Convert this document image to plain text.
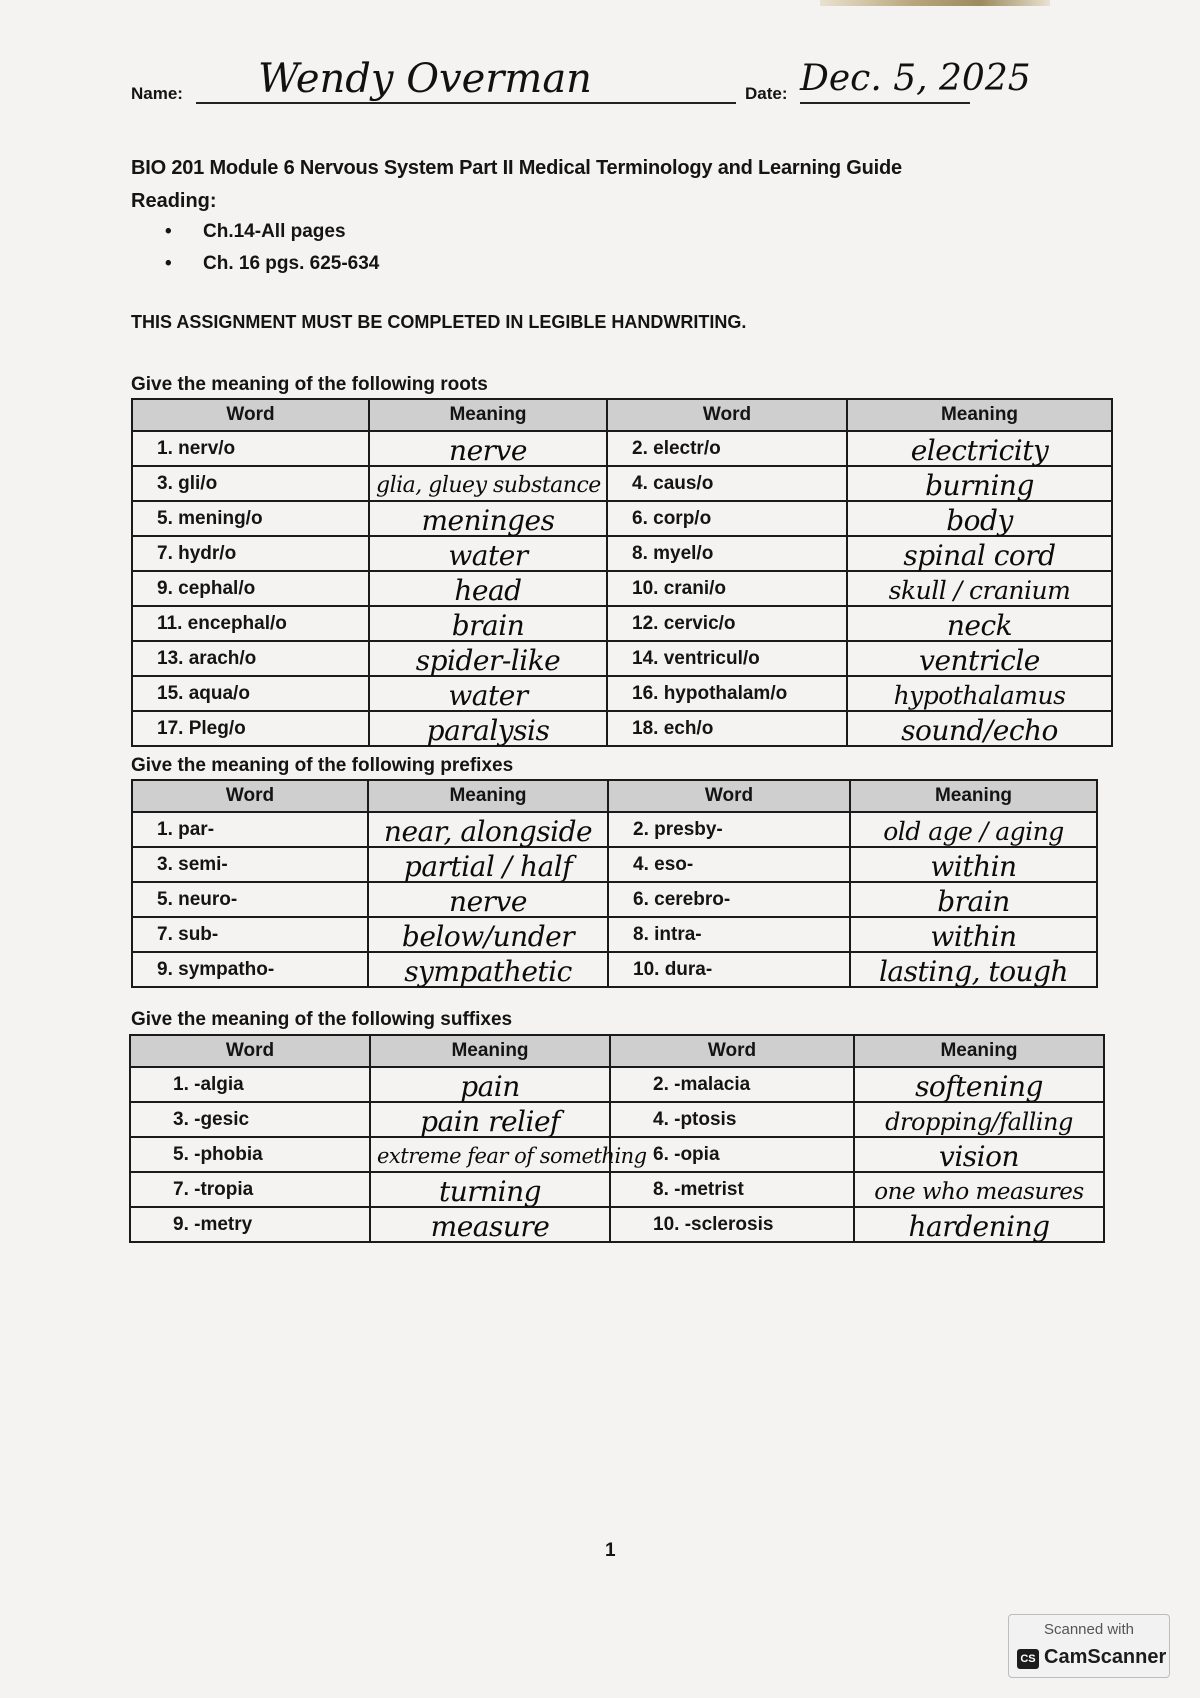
Name: Wendy Overman	Date: Dec. 5, 2025
BIO 201 Module 6 Nervous System Part II Medical Terminology and Learning Guide
Reading:
• Ch.14-All pages
• Ch. 16 pgs. 625-634
THIS ASSIGNMENT MUST BE COMPLETED IN LEGIBLE HANDWRITING.
Give the meaning of the following roots
Word	Meaning	Word	Meaning
1. nerv/o	nerve	2. electr/o	electricity
3. gli/o	glia, gluey substance	4. caus/o	burning
5. mening/o	meninges	6. corp/o	body
7. hydr/o	water	8. myel/o	spinal cord
9. cephal/o	head	10. crani/o	skull / cranium
11. encephal/o	brain	12. cervic/o	neck
13. arach/o	spider-like	14. ventricul/o	ventricle
15. aqua/o	water	16. hypothalam/o	hypothalamus
17. Pleg/o	paralysis	18. ech/o	sound/echo
Give the meaning of the following prefixes
Word	Meaning	Word	Meaning
1. par-	near, alongside	2. presby-	old age / aging
3. semi-	partial / half	4. eso-	within
5. neuro-	nerve	6. cerebro-	brain
7. sub-	below/under	8. intra-	within
9. sympatho-	sympathetic	10. dura-	lasting, tough
Give the meaning of the following suffixes
Word	Meaning	Word	Meaning
1. -algia	pain	2. -malacia	softening
3. -gesic	pain relief	4. -ptosis	dropping/falling
5. -phobia	extreme fear of something	6. -opia	vision
7. -tropia	turning	8. -metrist	one who measures
9. -metry	measure	10. -sclerosis	hardening
1
Scanned with
CS CamScanner
